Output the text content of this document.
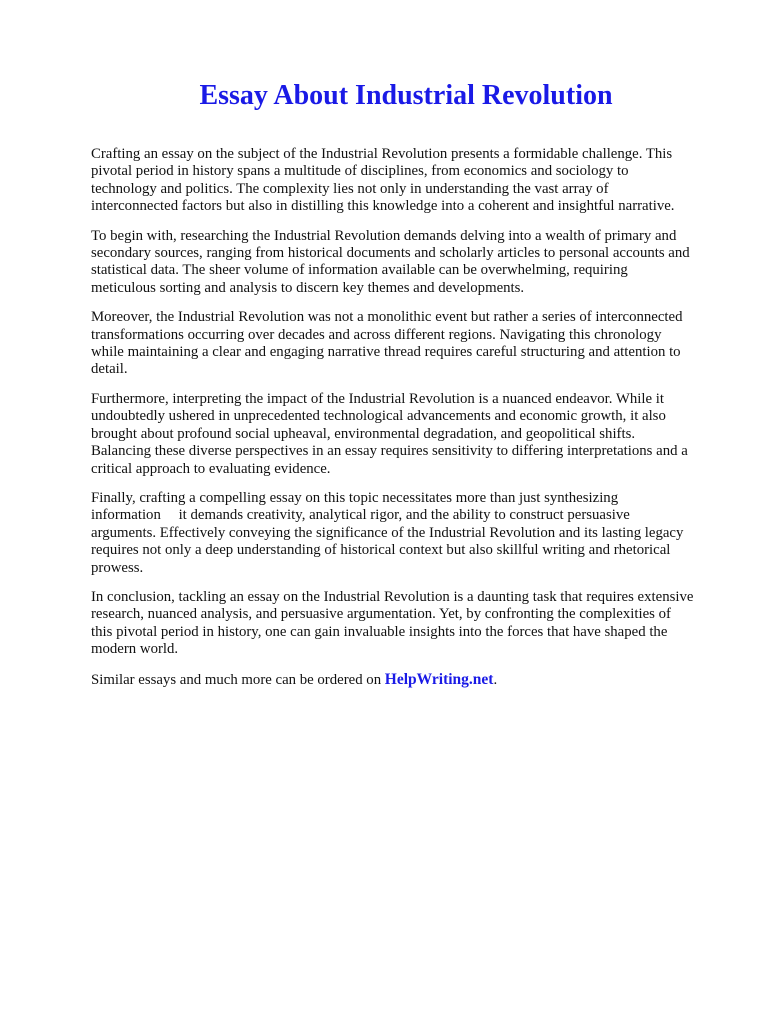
Essay About Industrial Revolution

Crafting an essay on the subject of the Industrial Revolution presents a formidable challenge. This
pivotal period in history spans a multitude of disciplines, from economics and sociology to
technology and politics. The complexity lies not only in understanding the vast array of
interconnected factors but also in distilling this knowledge into a coherent and insightful narrative.

To begin with, researching the Industrial Revolution demands delving into a wealth of primary and
secondary sources, ranging from historical documents and scholarly articles to personal accounts and
statistical data. The sheer volume of information available can be overwhelming, requiring
meticulous sorting and analysis to discern key themes and developments.

Moreover, the Industrial Revolution was not a monolithic event but rather a series of interconnected
transformations occurring over decades and across different regions. Navigating this chronology
while maintaining a clear and engaging narrative thread requires careful structuring and attention to
detail.

Furthermore, interpreting the impact of the Industrial Revolution is a nuanced endeavor. While it
undoubtedly ushered in unprecedented technological advancements and economic growth, it also
brought about profound social upheaval, environmental degradation, and geopolitical shifts.
Balancing these diverse perspectives in an essay requires sensitivity to differing interpretations and a
critical approach to evaluating evidence.

Finally, crafting a compelling essay on this topic necessitates more than just synthesizing
information it demands creativity, analytical rigor, and the ability to construct persuasive
arguments. Effectively conveying the significance of the Industrial Revolution and its lasting legacy
requires not only a deep understanding of historical context but also skillful writing and rhetorical
prowess.

In conclusion, tackling an essay on the Industrial Revolution is a daunting task that requires extensive
research, nuanced analysis, and persuasive argumentation. Yet, by confronting the complexities of
this pivotal period in history, one can gain invaluable insights into the forces that have shaped the
modern world.

Similar essays and much more can be ordered on HelpWriting.net.
